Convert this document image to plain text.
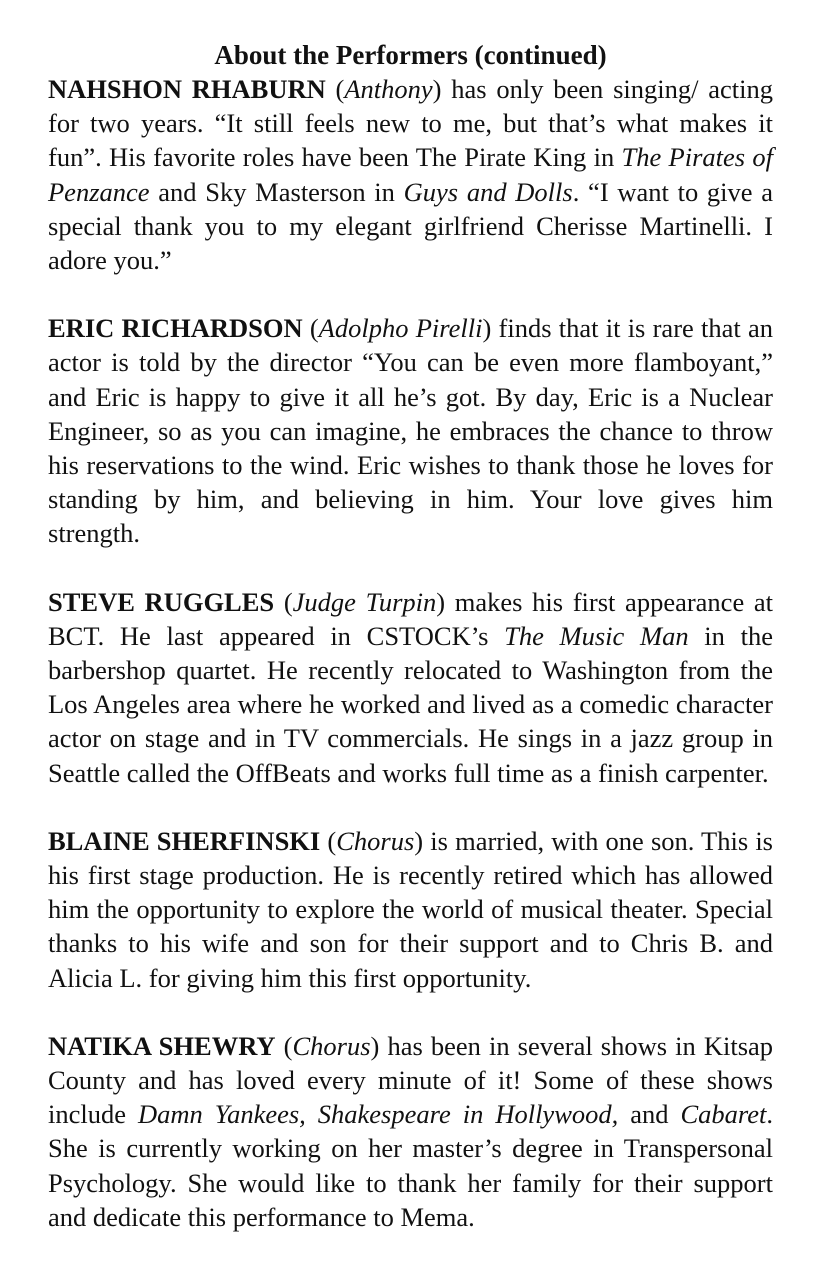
About the Performers (continued)

NAHSHON RHABURN (Anthony) has only been singing/ acting for two years. “It still feels new to me, but that’s what makes it fun”. His favorite roles have been The Pirate King in The Pirates of Penzance and Sky Masterson in Guys and Dolls. “I want to give a special thank you to my elegant girlfriend Cherisse Martinelli. I adore you.”

ERIC RICHARDSON (Adolpho Pirelli) finds that it is rare that an actor is told by the director “You can be even more flamboyant,” and Eric is happy to give it all he’s got. By day, Eric is a Nuclear Engineer, so as you can imagine, he embraces the chance to throw his reservations to the wind. Eric wishes to thank those he loves for standing by him, and believing in him. Your love gives him strength.

STEVE RUGGLES (Judge Turpin) makes his first appearance at BCT. He last appeared in CSTOCK’s The Music Man in the barbershop quartet. He recently relocated to Washington from the Los Angeles area where he worked and lived as a comedic character actor on stage and in TV commercials. He sings in a jazz group in Seattle called the OffBeats and works full time as a finish carpenter.

BLAINE SHERFINSKI (Chorus) is married, with one son. This is his first stage production. He is recently retired which has allowed him the opportunity to explore the world of musical theater. Special thanks to his wife and son for their support and to Chris B. and Alicia L. for giving him this first opportunity.

NATIKA SHEWRY (Chorus) has been in several shows in Kitsap County and has loved every minute of it! Some of these shows include Damn Yankees, Shakespeare in Hollywood, and Cabaret. She is currently working on her master’s degree in Transpersonal Psychology. She would like to thank her family for their support and dedicate this performance to Mema.
